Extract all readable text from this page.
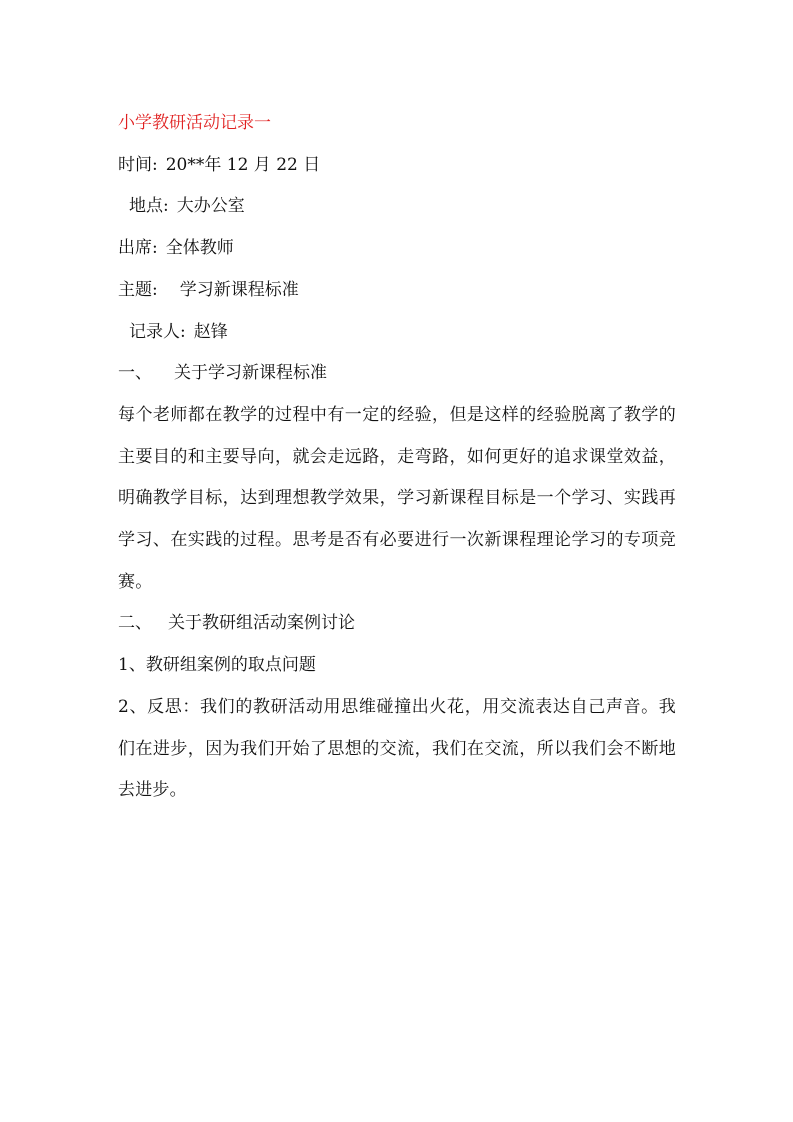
小学教研活动记录一

时间: 20**年 12 月 22 日

地点: 大办公室

出席: 全体教师

主题: 学习新课程标准

记录人: 赵锋

一、 关于学习新课程标准

每个老师都在教学的过程中有一定的经验，但是这样的经验脱离了教学的主要目的和主要导向，就会走远路，走弯路，如何更好的追求课堂效益，明确教学目标，达到理想教学效果，学习新课程目标是一个学习、实践再学习、在实践的过程。思考是否有必要进行一次新课程理论学习的专项竞赛。

二、 关于教研组活动案例讨论

1、教研组案例的取点问题

2、反思：我们的教研活动用思维碰撞出火花，用交流表达自己声音。我们在进步，因为我们开始了思想的交流，我们在交流，所以我们会不断地去进步。
